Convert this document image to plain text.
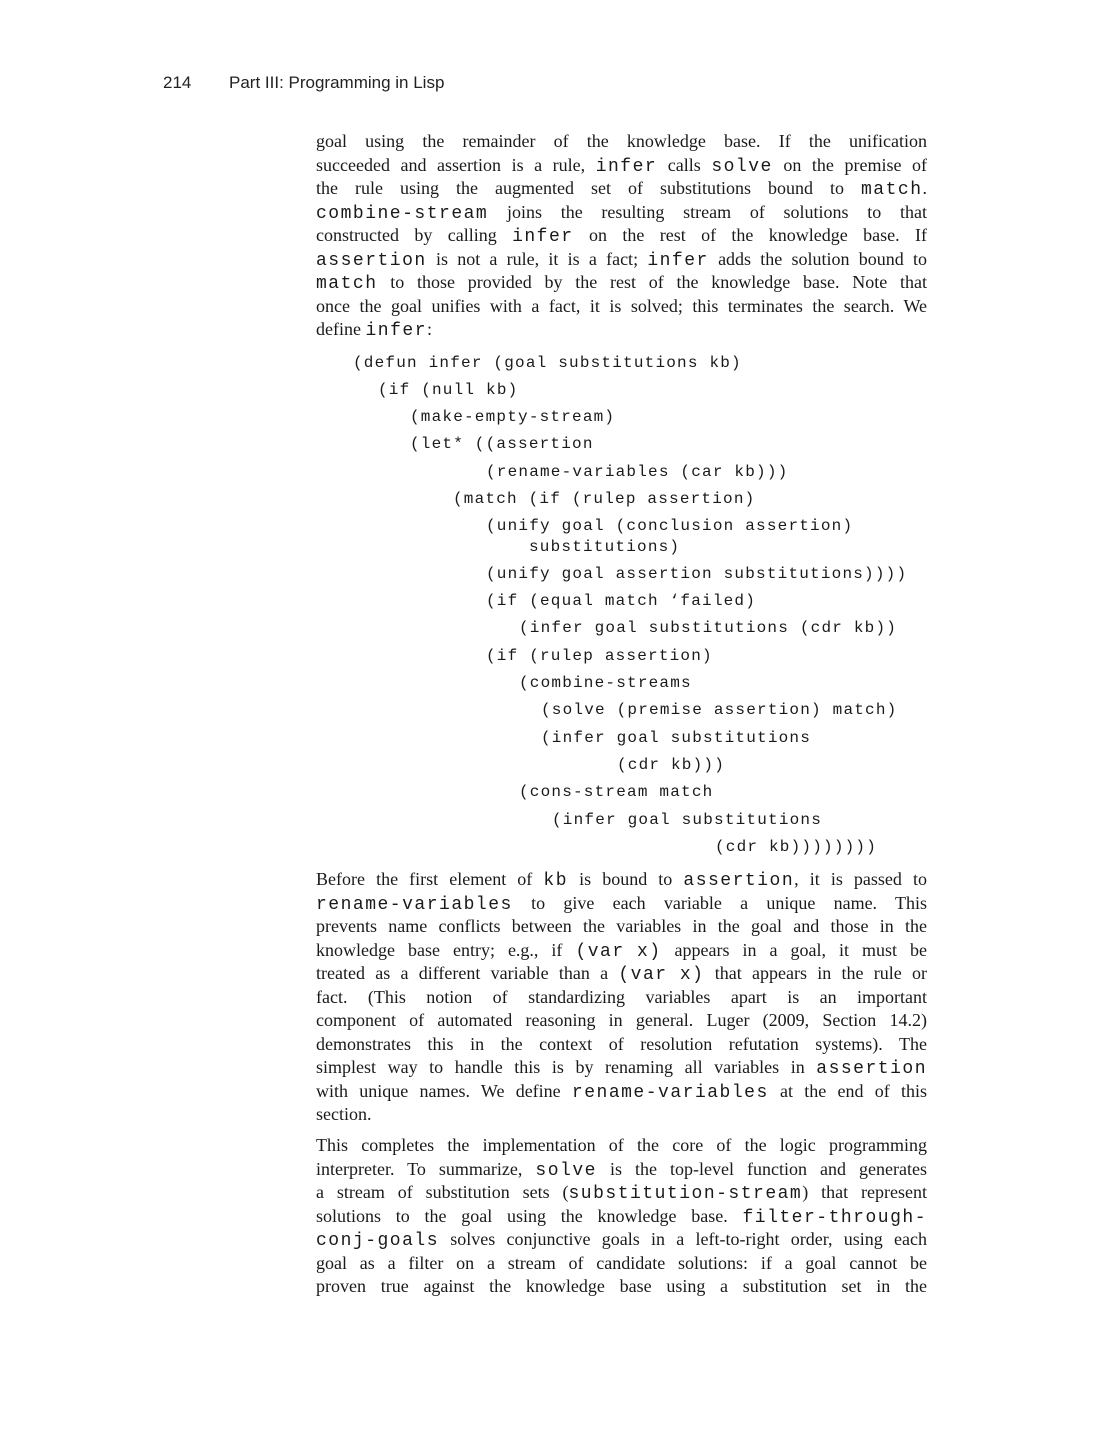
214 Part III: Programming in Lisp
goal using the remainder of the knowledge base. If the unification
succeeded and assertion is a rule, infer calls solve on the premise of
the rule using the augmented set of substitutions bound to match.
combine-stream joins the resulting stream of solutions to that
constructed by calling infer on the rest of the knowledge base. If
assertion is not a rule, it is a fact; infer adds the solution bound to
match to those provided by the rest of the knowledge base. Note that
once the goal unifies with a fact, it is solved; this terminates the search. We
define infer:
(defun infer (goal substitutions kb)
(if (null kb)
(make-empty-stream)
(let* ((assertion
(rename-variables (car kb)))
(match (if (rulep assertion)
(unify goal (conclusion assertion)
substitutions)
(unify goal assertion substitutions))))
(if (equal match ‘failed)
(infer goal substitutions (cdr kb))
(if (rulep assertion)
(combine-streams
(solve (premise assertion) match)
(infer goal substitutions
(cdr kb)))
(cons-stream match
(infer goal substitutions
(cdr kb))))))))
Before the first element of kb is bound to assertion, it is passed to
rename-variables to give each variable a unique name. This
prevents name conflicts between the variables in the goal and those in the
knowledge base entry; e.g., if (var x) appears in a goal, it must be
treated as a different variable than a (var x) that appears in the rule or
fact. (This notion of standardizing variables apart is an important
component of automated reasoning in general. Luger (2009, Section 14.2)
demonstrates this in the context of resolution refutation systems). The
simplest way to handle this is by renaming all variables in assertion
with unique names. We define rename-variables at the end of this
section.
This completes the implementation of the core of the logic programming
interpreter. To summarize, solve is the top-level function and generates
a stream of substitution sets (substitution-stream) that represent
solutions to the goal using the knowledge base. filter-through-
conj-goals solves conjunctive goals in a left-to-right order, using each
goal as a filter on a stream of candidate solutions: if a goal cannot be
proven true against the knowledge base using a substitution set in the
